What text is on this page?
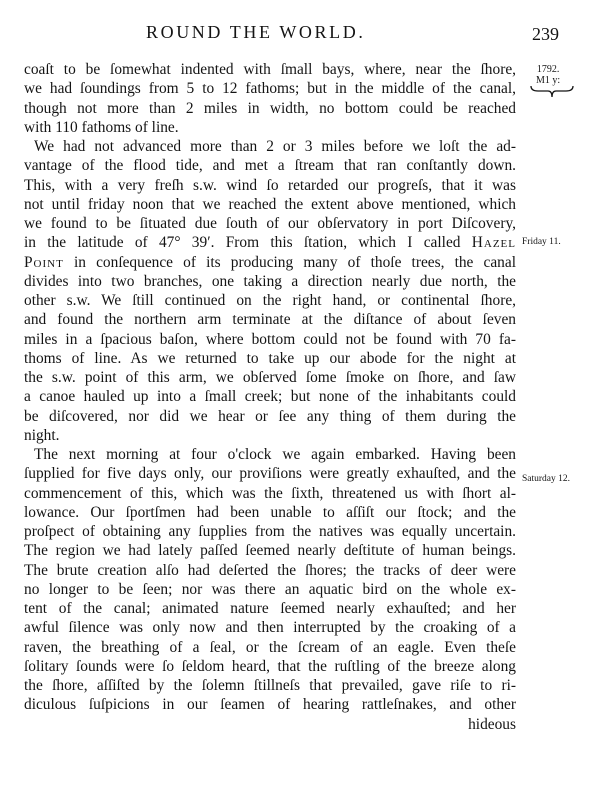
ROUND THE WORLD.	239
1792.
M1 y:
Friday 11.
Saturday 12.

coaſt to be ſomewhat indented with ſmall bays, where, near the ſhore,
we had ſoundings from 5 to 12 fathoms; but in the middle of the canal,
though not more than 2 miles in width, no bottom could be reached
with 110 fathoms of line.

We had not advanced more than 2 or 3 miles before we loſt the ad-
vantage of the flood tide, and met a ſtream that ran conſtantly down.
This, with a very freſh s.w. wind ſo retarded our progreſs, that it was
not until friday noon that we reached the extent above mentioned, which
we found to be ſituated due ſouth of our obſervatory in port Diſcovery,
in the latitude of 47° 39′. From this ſtation, which I called Hazel
Point in conſequence of its producing many of thoſe trees, the canal
divides into two branches, one taking a direction nearly due north, the
other s.w. We ſtill continued on the right hand, or continental ſhore,
and found the northern arm terminate at the diſtance of about ſeven
miles in a ſpacious baſon, where bottom could not be found with 70 fa-
thoms of line. As we returned to take up our abode for the night at
the s.w. point of this arm, we obſerved ſome ſmoke on ſhore, and ſaw
a canoe hauled up into a ſmall creek; but none of the inhabitants could
be diſcovered, nor did we hear or ſee any thing of them during the
night.

The next morning at four o'clock we again embarked. Having been
ſupplied for five days only, our proviſions were greatly exhauſted, and the
commencement of this, which was the ſixth, threatened us with ſhort al-
lowance. Our ſportſmen had been unable to aſſiſt our ſtock; and the
proſpect of obtaining any ſupplies from the natives was equally uncertain.
The region we had lately paſſed ſeemed nearly deſtitute of human beings.
The brute creation alſo had deſerted the ſhores; the tracks of deer were
no longer to be ſeen; nor was there an aquatic bird on the whole ex-
tent of the canal; animated nature ſeemed nearly exhauſted; and her
awful ſilence was only now and then interrupted by the croaking of a
raven, the breathing of a ſeal, or the ſcream of an eagle. Even theſe
ſolitary ſounds were ſo ſeldom heard, that the ruſtling of the breeze along
the ſhore, aſſiſted by the ſolemn ſtillneſs that prevailed, gave riſe to ri-
diculous ſuſpicions in our ſeamen of hearing rattleſnakes, and other
hideous
